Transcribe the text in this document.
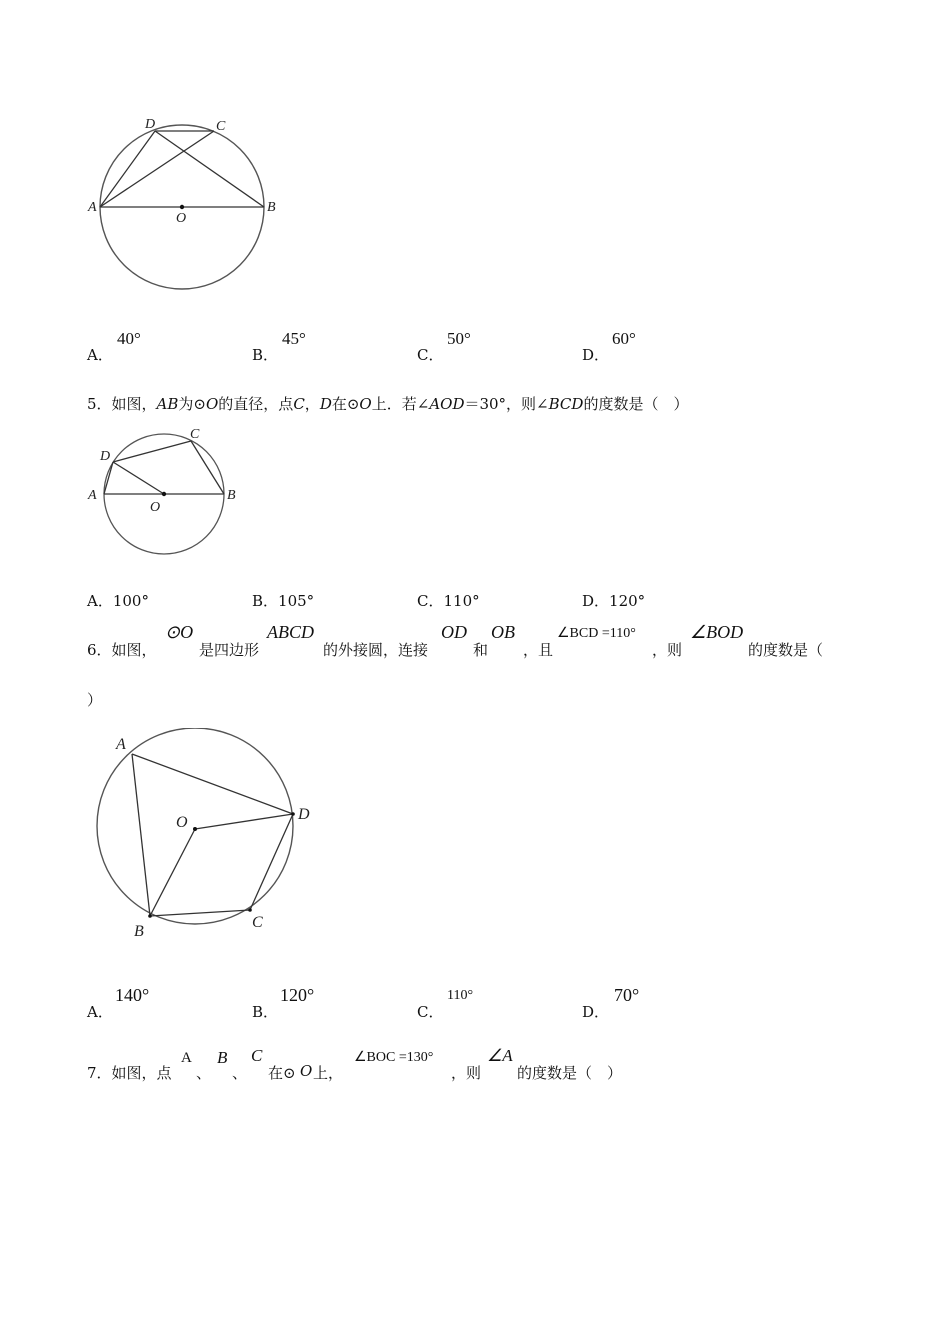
D	C
A	B
O
A．
40°
B．
45°
C．
50°
D．
60°
5．如图，AB为⊙O的直径，点C，D在⊙O上．若∠AOD＝30°，则∠BCD的度数是（　）
C
D
A	B
O
A．100°	B．105°	C．110°	D．120°
6．如图，
⊙O
是四边形
ABCD
的外接圆，连接
OD
和
OB
，且
∠BCD =110°
，则
∠BOD
的度数是（
）
A
O	D
C
B
A．
140°
B．
120°
C．
110°
D．
70°
7．如图，点
A
、
B
、
C
在⊙ O 上，
∠BOC =130°
，则
∠A
的度数是（　）
